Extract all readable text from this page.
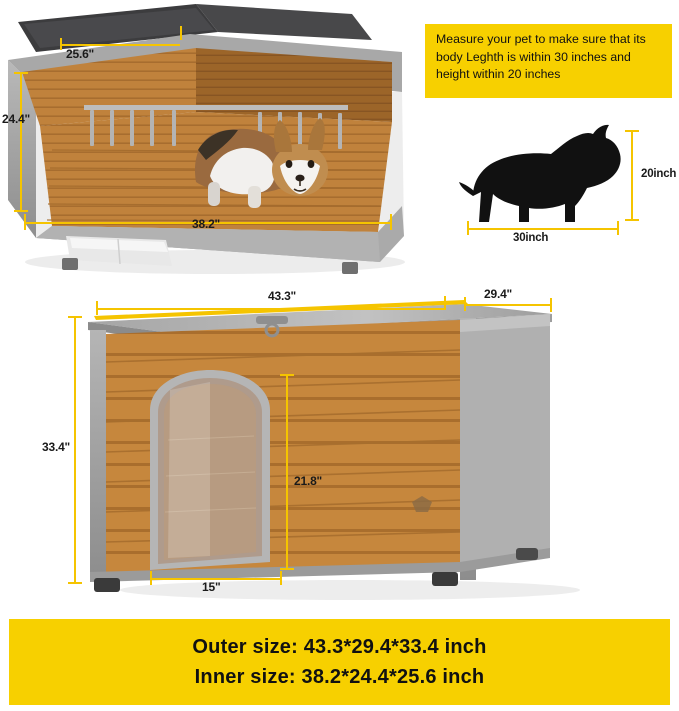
25.6"
24.4"
38.2"

Measure your pet to make sure that its body Leghth is within 30 inches and height within 20 inches

20inch
30inch
43.3"	29.4"
33.4"
21.8"
15"
Outer size: 43.3*29.4*33.4 inch
Inner size: 38.2*24.4*25.6 inch
